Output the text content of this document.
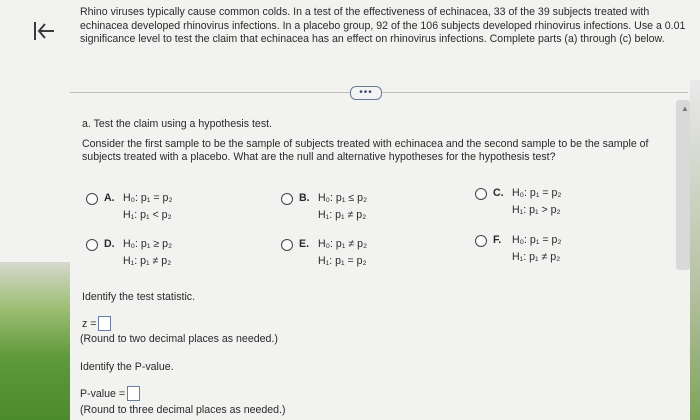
Rhino viruses typically cause common colds. In a test of the effectiveness of echinacea, 33 of the 39 subjects treated with echinacea developed rhinovirus infections. In a placebo group, 92 of the 106 subjects developed rhinovirus infections. Use a 0.01 significance level to test the claim that echinacea has an effect on rhinovirus infections. Complete parts (a) through (c) below.
•••
▲
a. Test the claim using a hypothesis test.
Consider the first sample to be the sample of subjects treated with echinacea and the second sample to be the sample of subjects treated with a placebo. What are the null and alternative hypotheses for the hypothesis test?
A. H₀: p₁ = p₂
H₁: p₁ < p₂
B. H₀: p₁ ≤ p₂
H₁: p₁ ≠ p₂
C. H₀: p₁ = p₂
H₁: p₁ > p₂
D. H₀: p₁ ≥ p₂
H₁: p₁ ≠ p₂
E. H₀: p₁ ≠ p₂
H₁: p₁ = p₂
F.	H₀: p₁ = p₂
H₁: p₁ ≠ p₂
Identify the test statistic.
z =
(Round to two decimal places as needed.)
Identify the P-value.
P-value =
(Round to three decimal places as needed.)
